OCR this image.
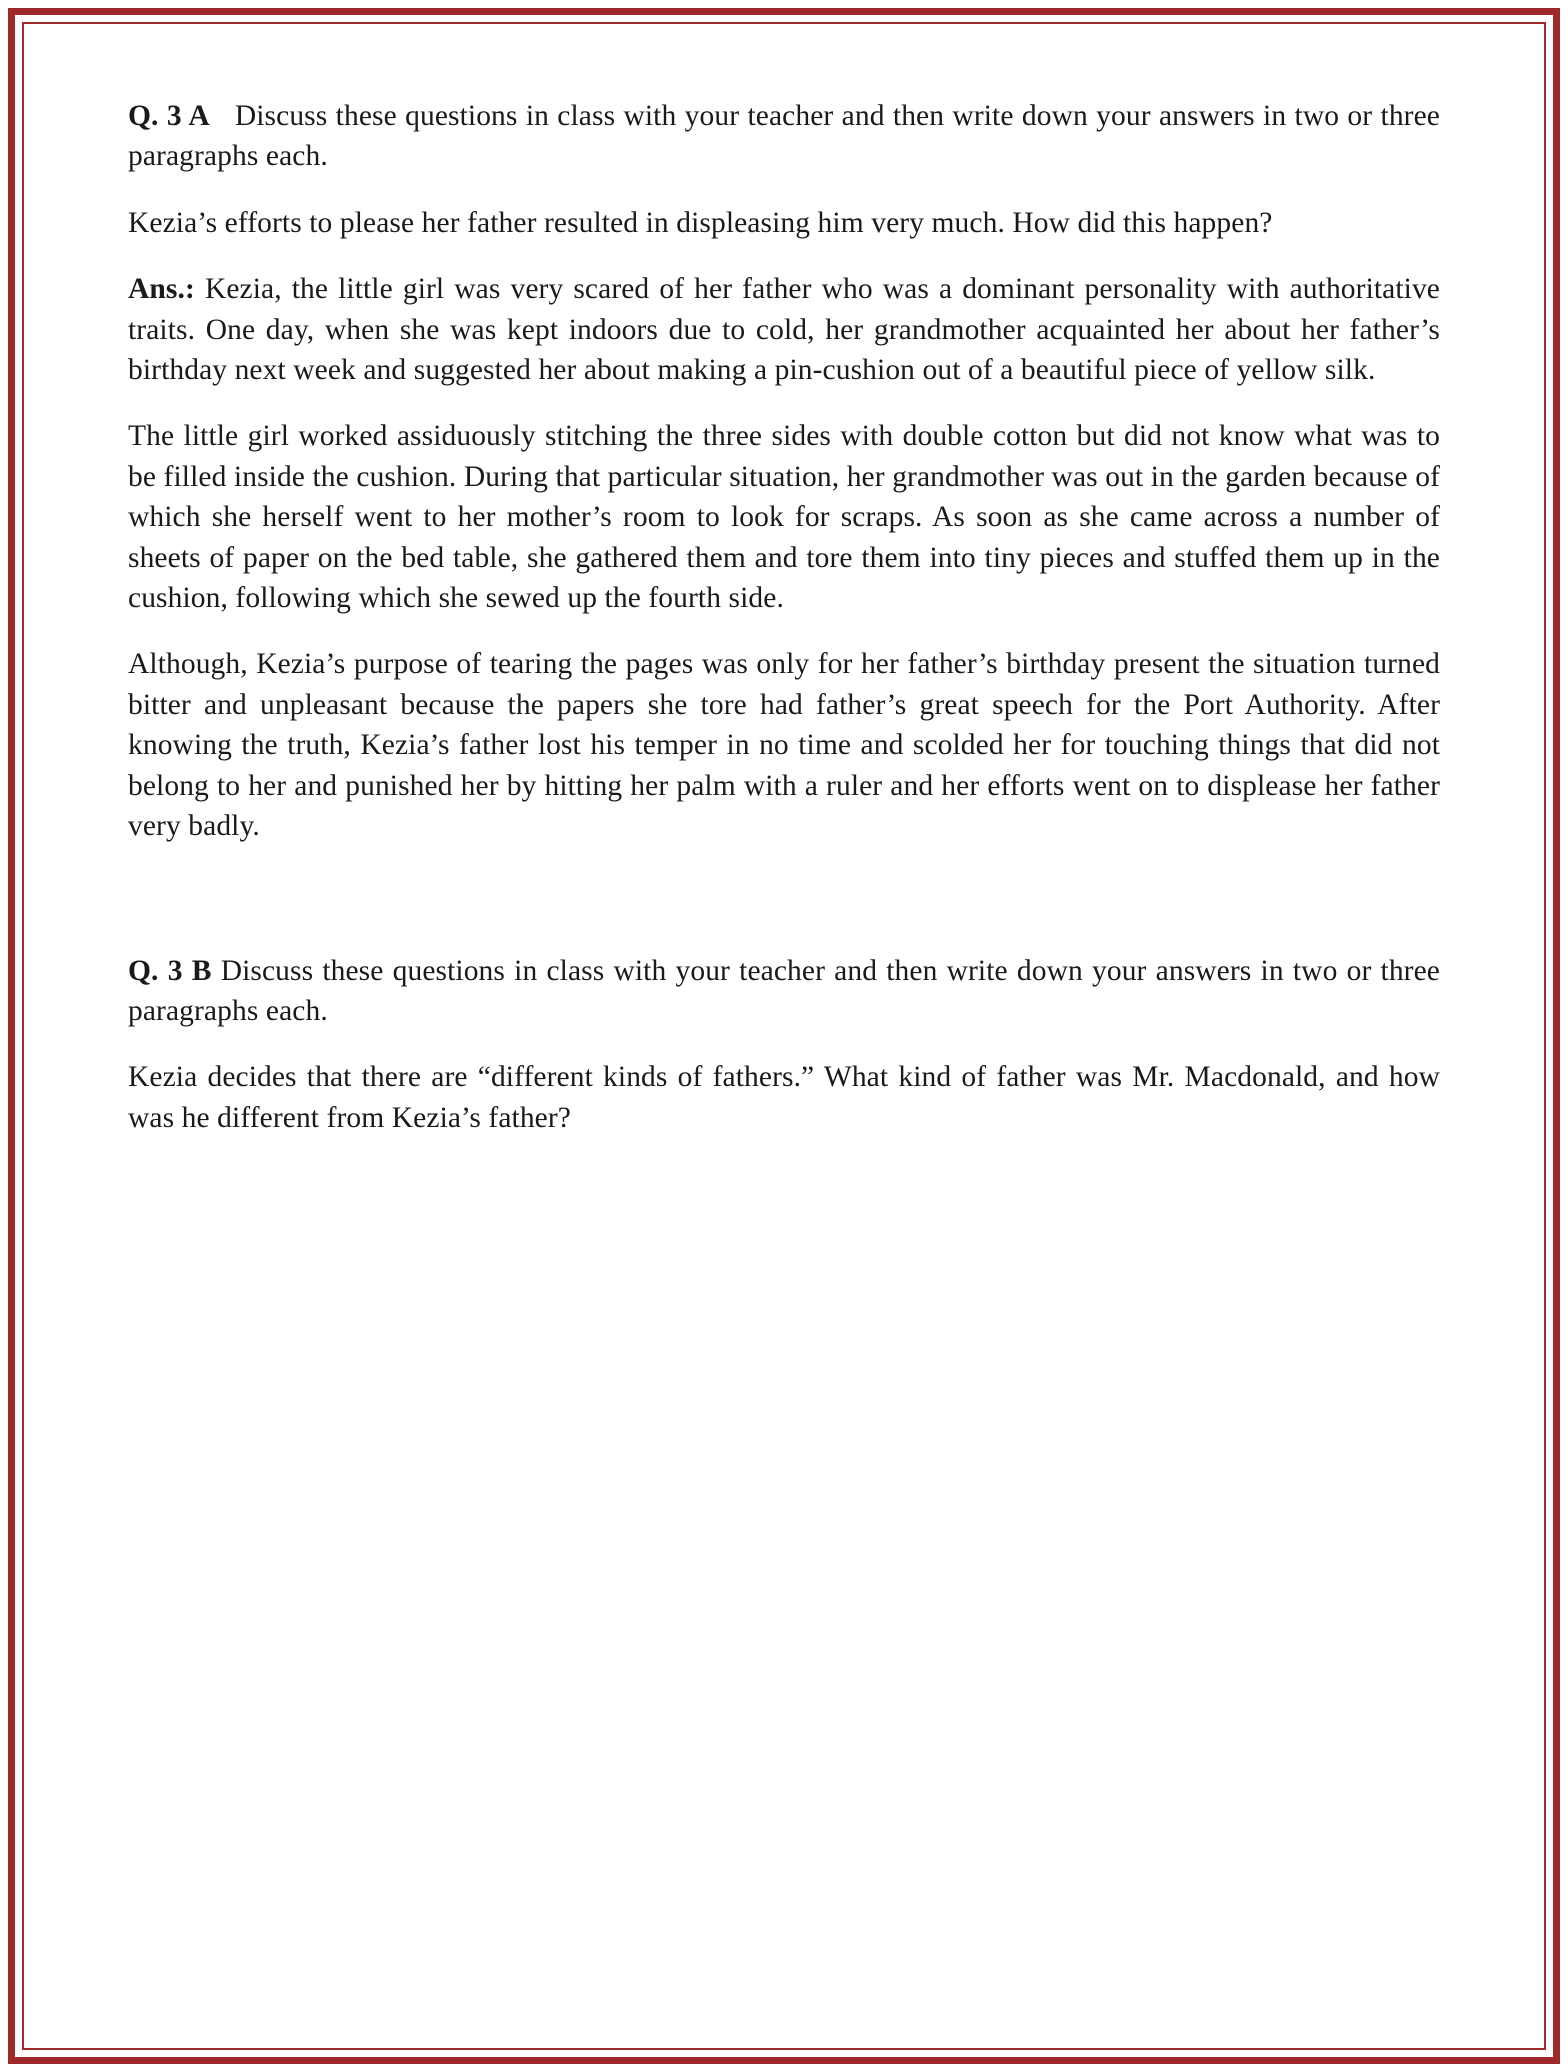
Q. 3 A Discuss these questions in class with your teacher and then write down your answers in two or three paragraphs each.

Kezia’s efforts to please her father resulted in displeasing him very much. How did this happen?

Ans.: Kezia, the little girl was very scared of her father who was a dominant personality with authoritative traits. One day, when she was kept indoors due to cold, her grandmother acquainted her about her father’s birthday next week and suggested her about making a pin-cushion out of a beautiful piece of yellow silk.

The little girl worked assiduously stitching the three sides with double cotton but did not know what was to be filled inside the cushion. During that particular situation, her grandmother was out in the garden because of which she herself went to her mother’s room to look for scraps. As soon as she came across a number of sheets of paper on the bed table, she gathered them and tore them into tiny pieces and stuffed them up in the cushion, following which she sewed up the fourth side.

Although, Kezia’s purpose of tearing the pages was only for her father’s birthday present the situation turned bitter and unpleasant because the papers she tore had father’s great speech for the Port Authority. After knowing the truth, Kezia’s father lost his temper in no time and scolded her for touching things that did not belong to her and punished her by hitting her palm with a ruler and her efforts went on to displease her father very badly.

Q. 3 B Discuss these questions in class with your teacher and then write down your answers in two or three paragraphs each.

Kezia decides that there are “different kinds of fathers.” What kind of father was Mr. Macdonald, and how was he different from Kezia’s father?
